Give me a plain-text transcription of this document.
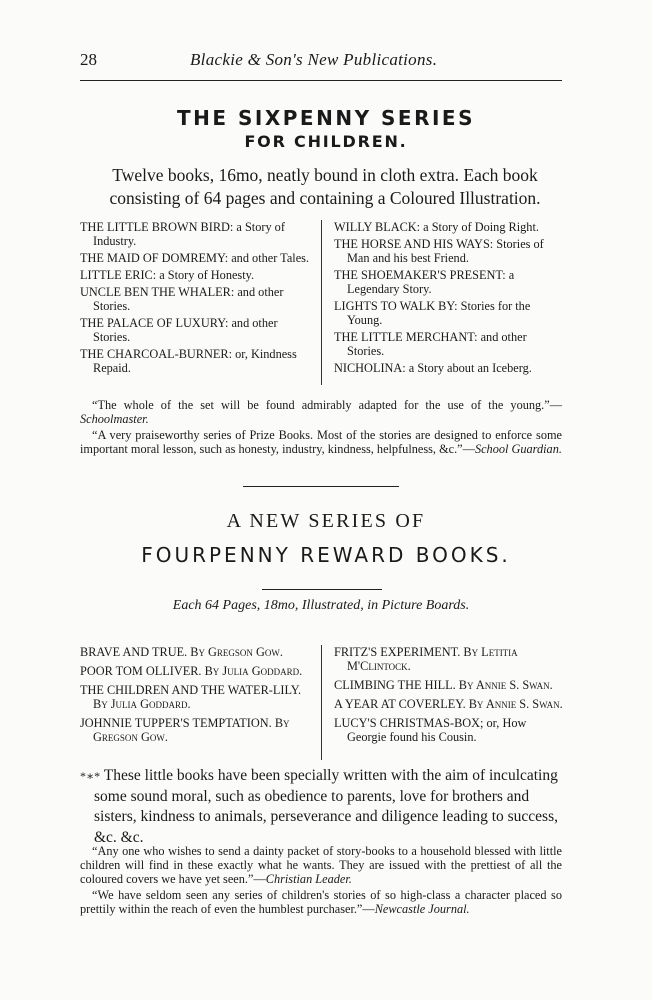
28	Blackie & Son's New Publications.
THE SIXPENNY SERIES
FOR CHILDREN.
Twelve books, 16mo, neatly bound in cloth extra. Each book consisting of 64 pages and containing a Coloured Illustration.
THE LITTLE BROWN BIRD: a Story of Industry.
THE MAID OF DOMREMY: and other Tales.
LITTLE ERIC: a Story of Honesty.
UNCLE BEN THE WHALER: and other Stories.
THE PALACE OF LUXURY: and other Stories.
THE CHARCOAL-BURNER: or, Kindness Repaid.
WILLY BLACK: a Story of Doing Right.
THE HORSE AND HIS WAYS: Stories of Man and his best Friend.
THE SHOEMAKER'S PRESENT: a Legendary Story.
LIGHTS TO WALK BY: Stories for the Young.
THE LITTLE MERCHANT: and other Stories.
NICHOLINA: a Story about an Iceberg.
“The whole of the set will be found admirably adapted for the use of the young.”—Schoolmaster.
“A very praiseworthy series of Prize Books. Most of the stories are designed to enforce some important moral lesson, such as honesty, industry, kindness, helpfulness, &c.”—School Guardian.
A NEW SERIES OF
FOURPENNY REWARD BOOKS.
Each 64 Pages, 18mo, Illustrated, in Picture Boards.
BRAVE AND TRUE. By Gregson Gow.
POOR TOM OLLIVER. By Julia Goddard.
THE CHILDREN AND THE WATER-LILY. By Julia Goddard.
JOHNNIE TUPPER'S TEMPTATION. By Gregson Gow.
FRITZ'S EXPERIMENT. By Letitia M'Clintock.
CLIMBING THE HILL. By Annie S. Swan.
A YEAR AT COVERLEY. By Annie S. Swan.
LUCY'S CHRISTMAS-BOX; or, How Georgie found his Cousin.
*∗* These little books have been specially written with the aim of inculcating some sound moral, such as obedience to parents, love for brothers and sisters, kindness to animals, perseverance and diligence leading to success, &c. &c.
“Any one who wishes to send a dainty packet of story-books to a household blessed with little children will find in these exactly what he wants. They are issued with the prettiest of all the coloured covers we have yet seen.”—Christian Leader.
“We have seldom seen any series of children's stories of so high-class a character placed so prettily within the reach of even the humblest purchaser.”—Newcastle Journal.
